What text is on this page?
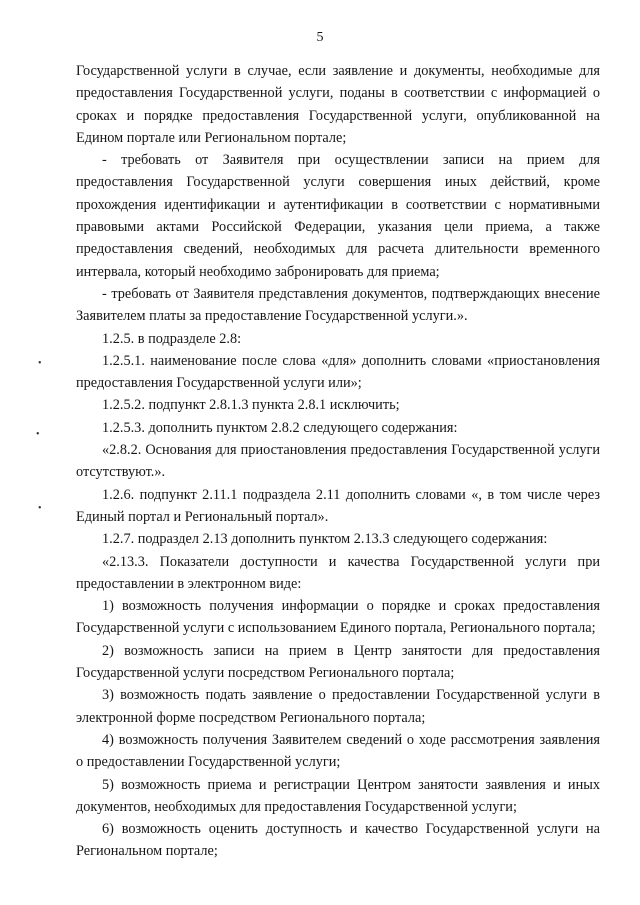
5
•
•
•

Государственной услуги в случае, если заявление и документы, необходимые для предоставления Государственной услуги, поданы в соответствии с информацией о сроках и порядке предоставления Государственной услуги, опубликованной на Едином портале или Региональном портале;

- требовать от Заявителя при осуществлении записи на прием для предоставления Государственной услуги совершения иных действий, кроме прохождения идентификации и аутентификации в соответствии с нормативными правовыми актами Российской Федерации, указания цели приема, а также предоставления сведений, необходимых для расчета длительности временного интервала, который необходимо забронировать для приема;

- требовать от Заявителя представления документов, подтверждающих внесение Заявителем платы за предоставление Государственной услуги.».

1.2.5. в подразделе 2.8:

1.2.5.1. наименование после слова «для» дополнить словами «приостановления предоставления Государственной услуги или»;

1.2.5.2. подпункт 2.8.1.3 пункта 2.8.1 исключить;

1.2.5.3. дополнить пунктом 2.8.2 следующего содержания:

«2.8.2. Основания для приостановления предоставления Государственной услуги отсутствуют.».

1.2.6. подпункт 2.11.1 подраздела 2.11 дополнить словами «, в том числе через Единый портал и Региональный портал».

1.2.7. подраздел 2.13 дополнить пунктом 2.13.3 следующего содержания:

«2.13.3. Показатели доступности и качества Государственной услуги при предоставлении в электронном виде:

1) возможность получения информации о порядке и сроках предоставления Государственной услуги с использованием Единого портала, Регионального портала;

2) возможность записи на прием в Центр занятости для предоставления Государственной услуги посредством Регионального портала;

3) возможность подать заявление о предоставлении Государственной услуги в электронной форме посредством Регионального портала;

4) возможность получения Заявителем сведений о ходе рассмотрения заявления о предоставлении Государственной услуги;

5) возможность приема и регистрации Центром занятости заявления и иных документов, необходимых для предоставления Государственной услуги;

6) возможность оценить доступность и качество Государственной услуги на Региональном портале;
